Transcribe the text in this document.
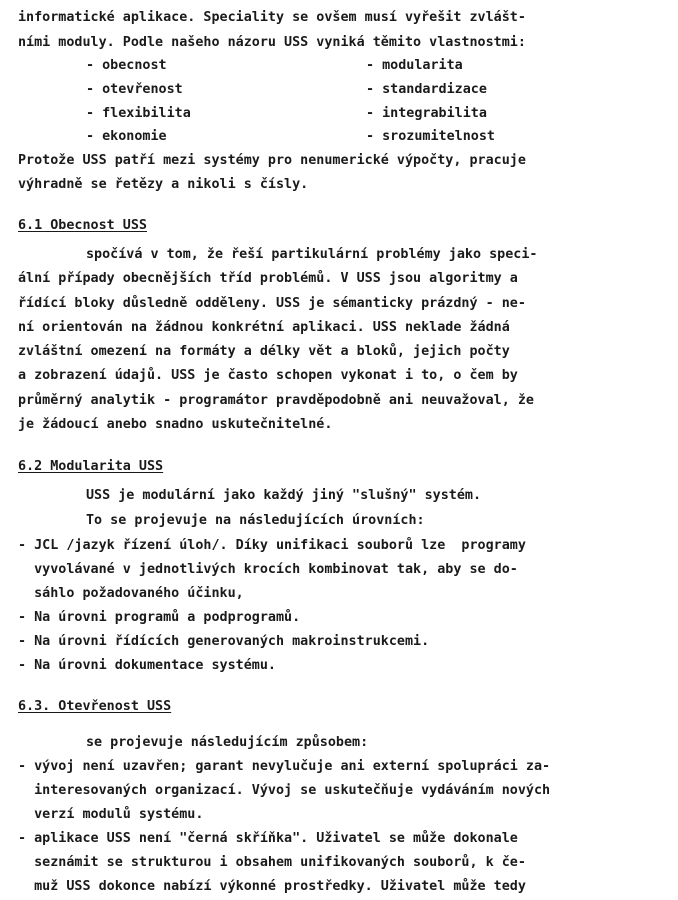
informatické aplikace. Speciality se ovšem musí vyřešit zvlášt-
ními moduly. Podle našeho názoru USS vyniká těmito vlastnostmi:
- obecnost
- otevřenost
- flexibilita
- ekonomie
- modularita
- standardizace
- integrabilita
- srozumitelnost
Protože USS patří mezi systémy pro nenumerické výpočty, pracuje
výhradně se řetězy a nikoli s čísly.
6.1 Obecnost USS
spočívá v tom, že řeší partikulární problémy jako speci-
ální případy obecnějších tříd problémů. V USS jsou algoritmy a
řídící bloky důsledně odděleny. USS je sémanticky prázdný - ne-
ní orientován na žádnou konkrétní aplikaci. USS neklade žádná
zvláštní omezení na formáty a délky vět a bloků, jejich počty
a zobrazení údajů. USS je často schopen vykonat i to, o čem by
průměrný analytik - programátor pravděpodobně ani neuvažoval, že
je žádoucí anebo snadno uskutečnitelné.
6.2 Modularita USS
USS je modulární jako každý jiný "slušný" systém.
To se projevuje na následujících úrovních:
- JCL /jazyk řízení úloh/. Díky unifikaci souborů lze  programy
vyvolávané v jednotlivých krocích kombinovat tak, aby se do-
sáhlo požadovaného účinku,
- Na úrovni programů a podprogramů.
- Na úrovni řídících generovaných makroinstrukcemi.
- Na úrovni dokumentace systému.
6.3. Otevřenost USS
se projevuje následujícím způsobem:
- vývoj není uzavřen; garant nevylučuje ani externí spolupráci za-
interesovaných organizací. Vývoj se uskutečňuje vydáváním nových
verzí modulů systému.
- aplikace USS není "černá skříňka". Uživatel se může dokonale
seznámit se strukturou i obsahem unifikovaných souborů, k če-
muž USS dokonce nabízí výkonné prostředky. Uživatel může tedy
